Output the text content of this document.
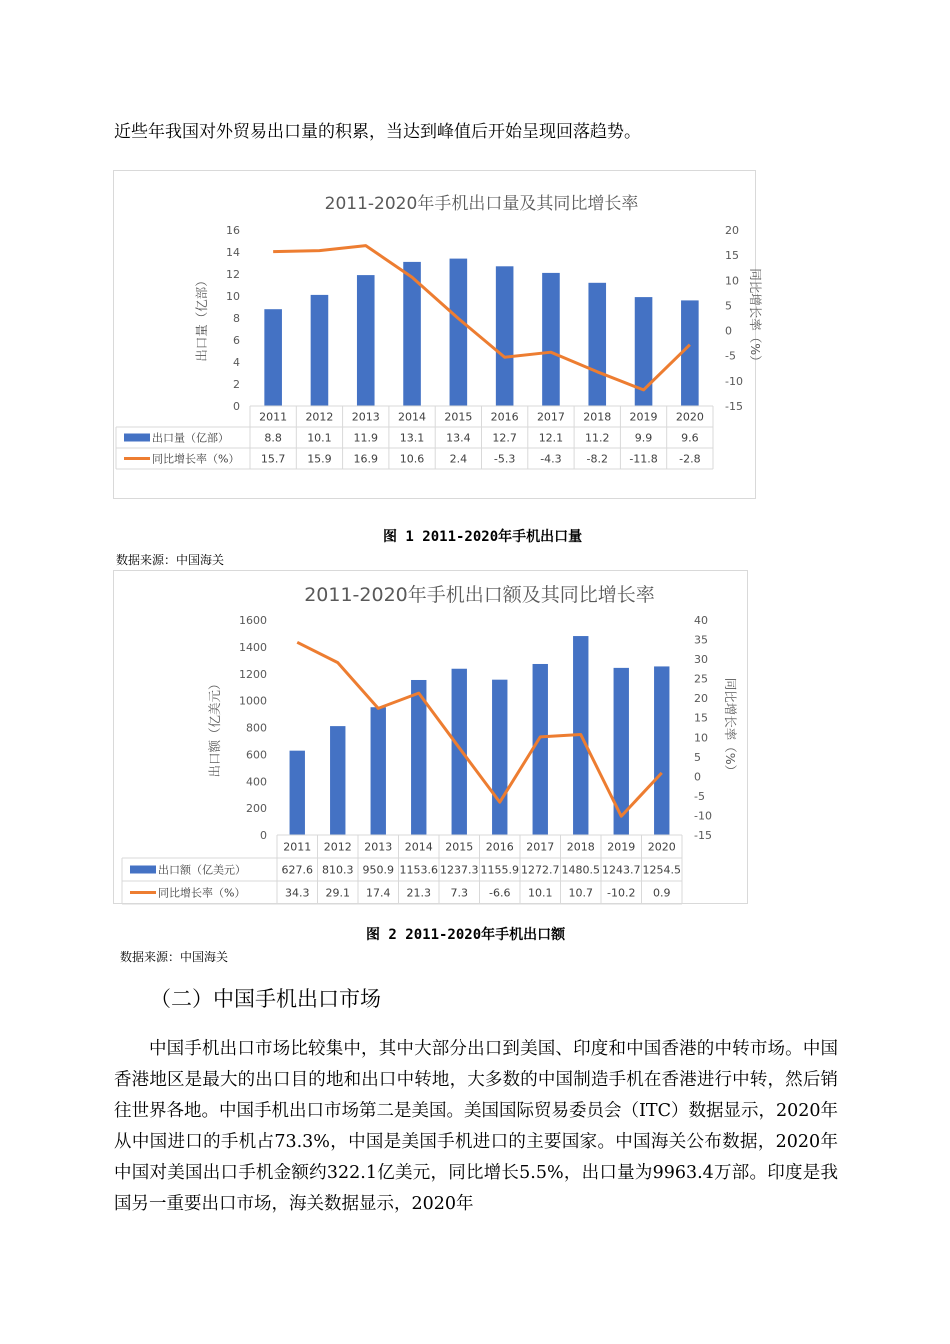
近些年我国对外贸易出口量的积累，当达到峰值后开始呈现回落趋势。

2011-2020年手机出口量及其同比增长率
0
2
4
6
8
10
12
14
16
-15
-10
-5
0
5
10
15
20
出口量（亿部）	同比增长率（%）
2011 2012 2013 2014 2015 2016 2017 2018 2019 2020
出口量（亿部）
同比增长率（%）
8.8 10.1 11.9 13.1 13.4 12.7 12.1 11.2 9.9	9.6
15.7 15.9 16.9 10.6 2.4 -5.3 -4.3 -8.2 -11.8 -2.8
图 1 2011-2020年手机出口量
数据来源：中国海关
2011-2020年手机出口额及其同比增长率
0
200
400
600
800
1000
1200
1400
1600
-15
-10
-5
0
5
10
15
20
25
30
35
40
出口额（亿美元）	同比增长率（%）
2011 2012 2013 2014 2015 2016 2017 2018 2019 2020
出口额（亿美元）
同比增长率（%）
627.6 810.3 950.9 1153.6 1237.3 1155.9 1272.7 1480.5 1243.7 1254.5
34.3 29.1 17.4 21.3 7.3 -6.6 10.1 10.7 -10.2 0.9
图 2 2011-2020年手机出口额
数据来源：中国海关
（二）中国手机出口市场

中国手机出口市场比较集中，其中大部分出口到美国、印度和中国香港的中转市场。中国香港地区是最大的出口目的地和出口中转地，大多数的中国制造手机在香港进行中转，然后销往世界各地。中国手机出口市场第二是美国。美国国际贸易委员会（ITC）数据显示，2020年从中国进口的手机占73.3%，中国是美国手机进口的主要国家。中国海关公布数据，2020年中国对美国出口手机金额约322.1亿美元，同比增长5.5%，出口量为9963.4万部。印度是我国另一重要出口市场，海关数据显示，2020年
